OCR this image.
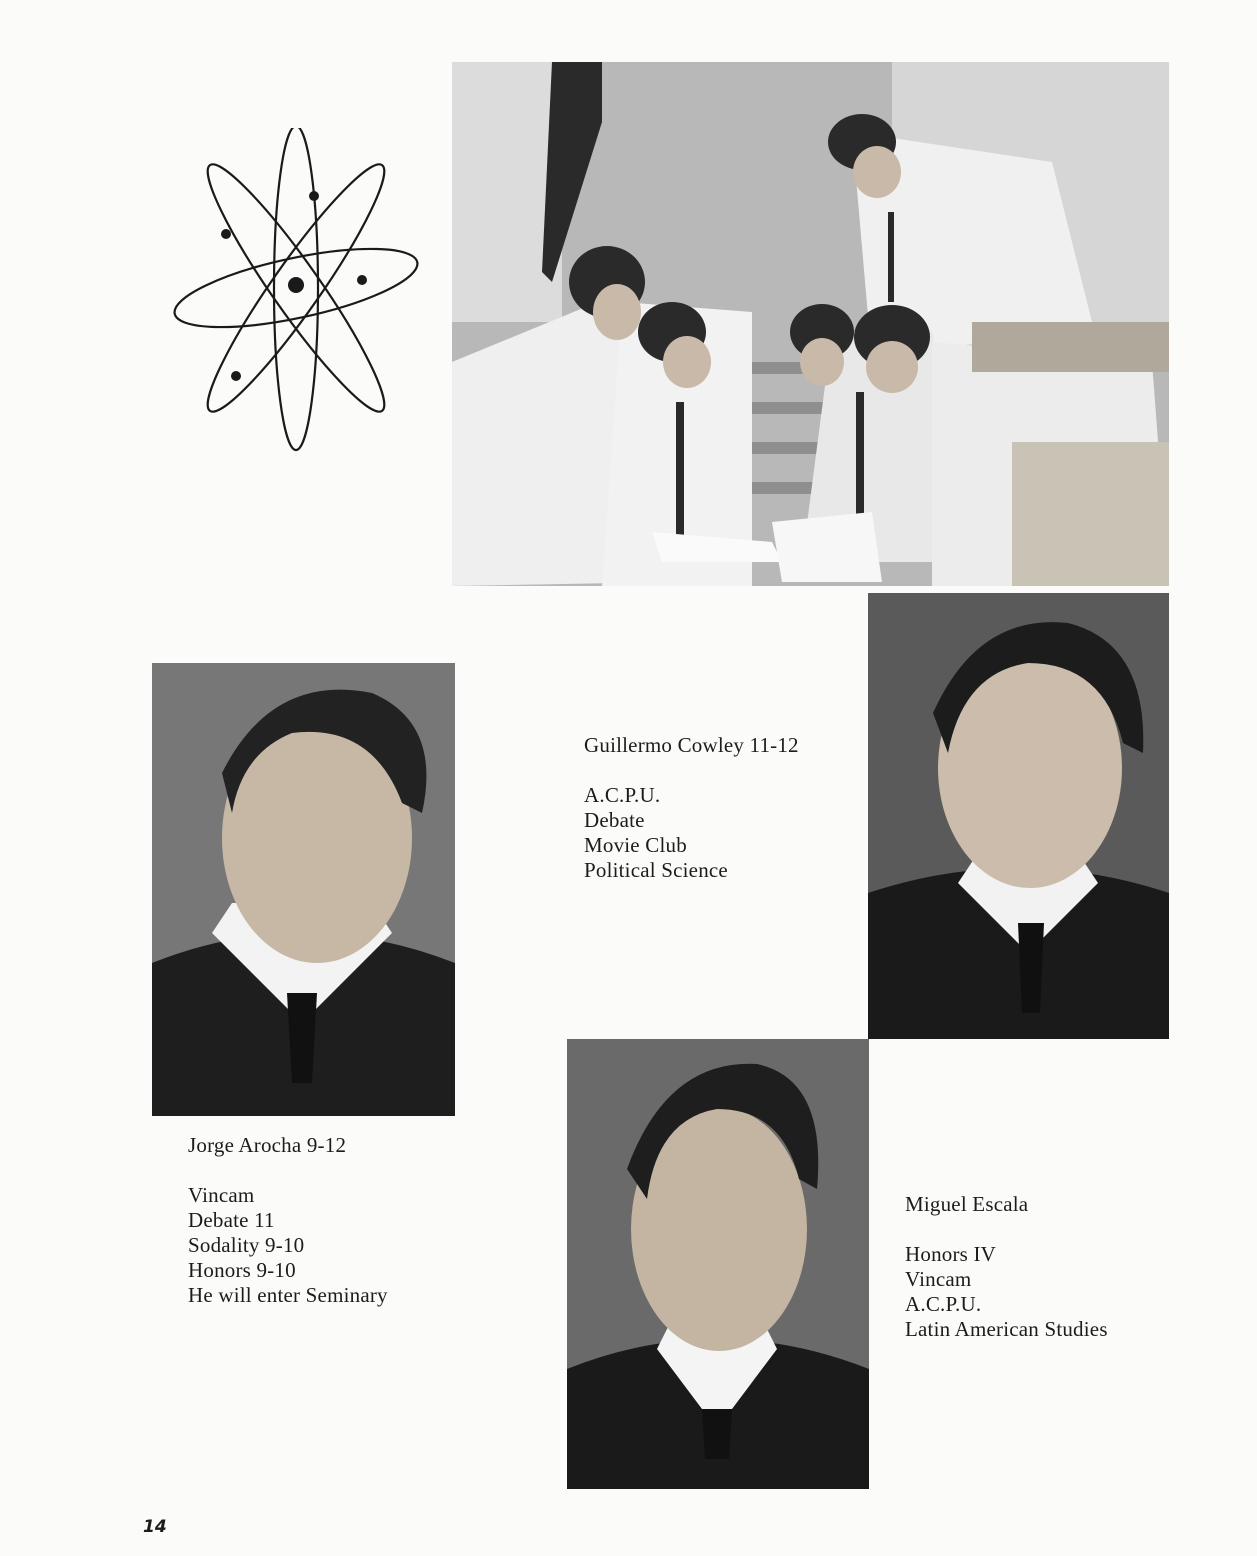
Guillermo Cowley 11-12
A.C.P.U.
Debate
Movie Club
Political Science
Jorge Arocha 9-12
Vincam
Debate 11
Sodality 9-10
Honors 9-10
He will enter Seminary
Miguel Escala
Honors IV
Vincam
A.C.P.U.
Latin American Studies
14
